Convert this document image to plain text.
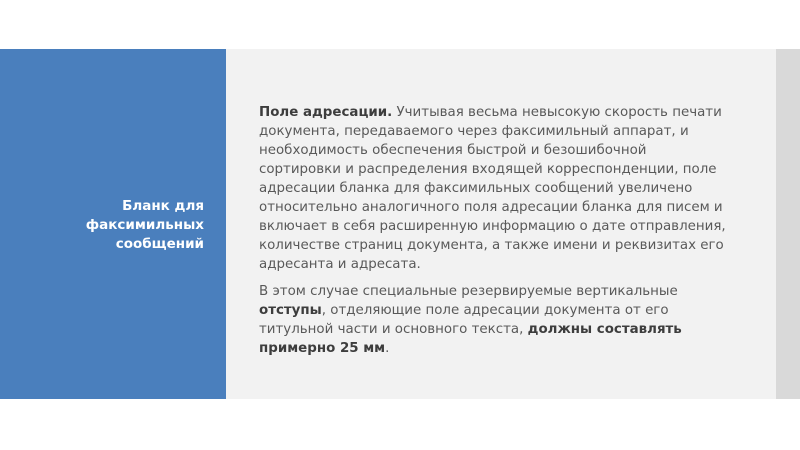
Бланк для
факсимильных
сообщений

Поле адресации. Учитывая весьма невысокую скорость печати
документа, передаваемого через факсимильный аппарат, и
необходимость обеспечения быстрой и безошибочной
сортировки и распределения входящей корреспонденции, поле
адресации бланка для факсимильных сообщений увеличено
относительно аналогичного поля адресации бланка для писем и
включает в себя расширенную информацию о дате отправления,
количестве страниц документа, а также имени и реквизитах его
адресанта и адресата.

В этом случае специальные резервируемые вертикальные
отступы, отделяющие поле адресации документа от его
титульной части и основного текста, должны составлять
примерно 25 мм.
